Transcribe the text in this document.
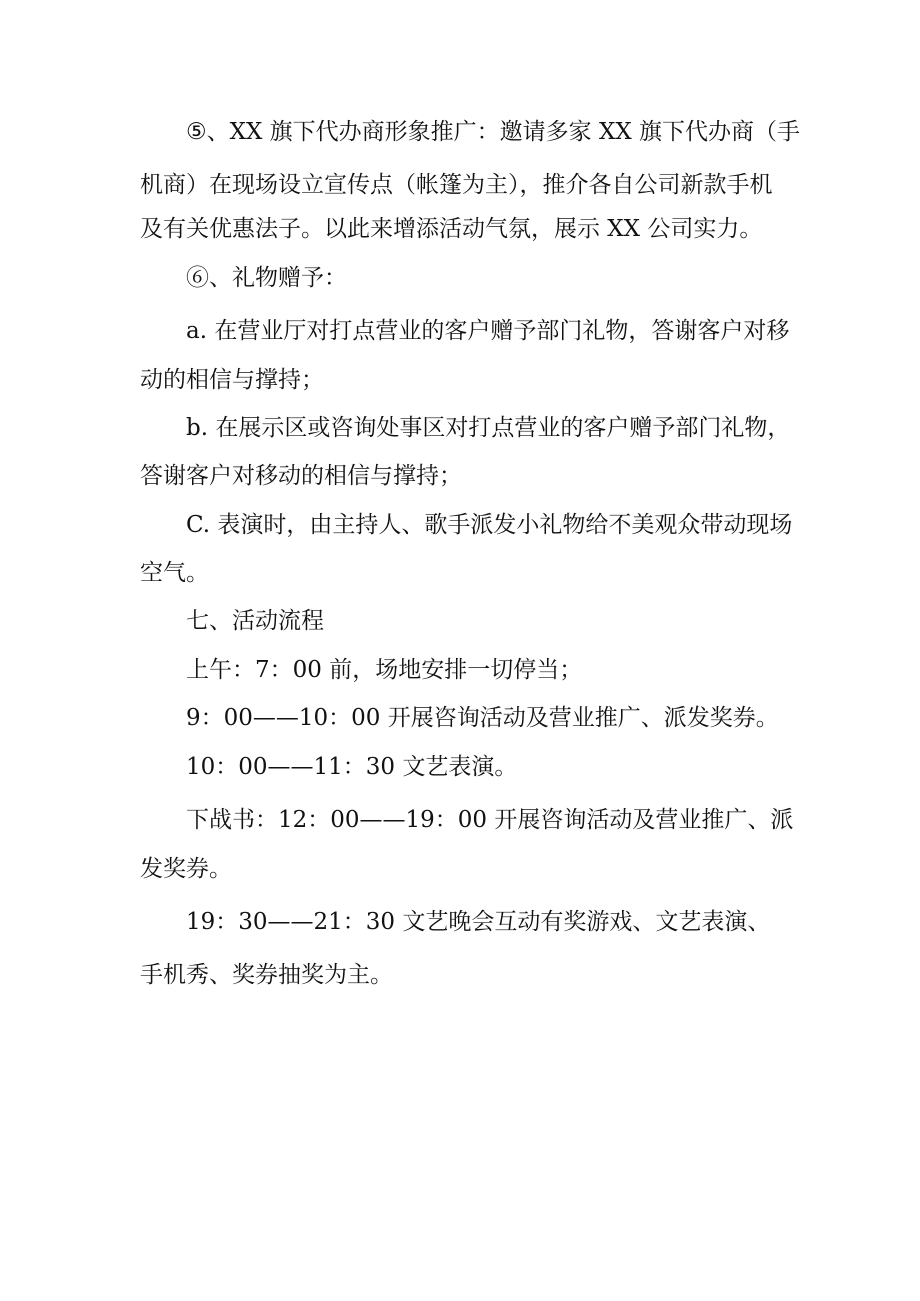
⑤、XX 旗下代办商形象推广：邀请多家 XX 旗下代办商（手
机商）在现场设立宣传点（帐篷为主），推介各自公司新款手机
及有关优惠法子。以此来增添活动气氛，展示 XX 公司实力。
⑥、礼物赠予：
a. 在营业厅对打点营业的客户赠予部门礼物，答谢客户对移
动的相信与撑持；
b. 在展示区或咨询处事区对打点营业的客户赠予部门礼物，
答谢客户对移动的相信与撑持；
C. 表演时，由主持人、歌手派发小礼物给不美观众带动现场
空气。
七、活动流程
上午：7：00 前，场地安排一切停当；
9：00——10：00 开展咨询活动及营业推广、派发奖券。
10：00——11：30 文艺表演。
下战书：12：00——19：00 开展咨询活动及营业推广、派
发奖券。
19：30——21：30 文艺晚会互动有奖游戏、文艺表演、
手机秀、奖券抽奖为主。
